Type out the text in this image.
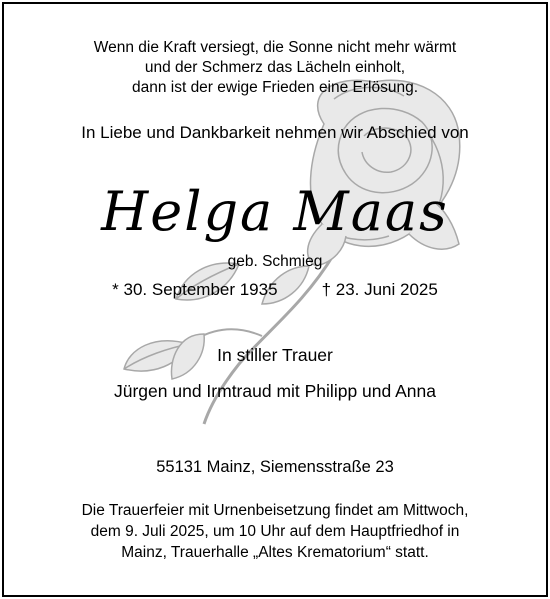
Wenn die Kraft versiegt, die Sonne nicht mehr wärmt
und der Schmerz das Lächeln einholt,
dann ist der ewige Frieden eine Erlösung.
In Liebe und Dankbarkeit nehmen wir Abschied von
Helga Maas
geb. Schmieg
* 30. September 1935	† 23. Juni 2025
In stiller Trauer
Jürgen und Irmtraud mit Philipp und Anna
55131 Mainz, Siemensstraße 23
Die Trauerfeier mit Urnenbeisetzung findet am Mittwoch,
dem 9. Juli 2025, um 10 Uhr auf dem Hauptfriedhof in
Mainz, Trauerhalle „Altes Krematorium“ statt.
